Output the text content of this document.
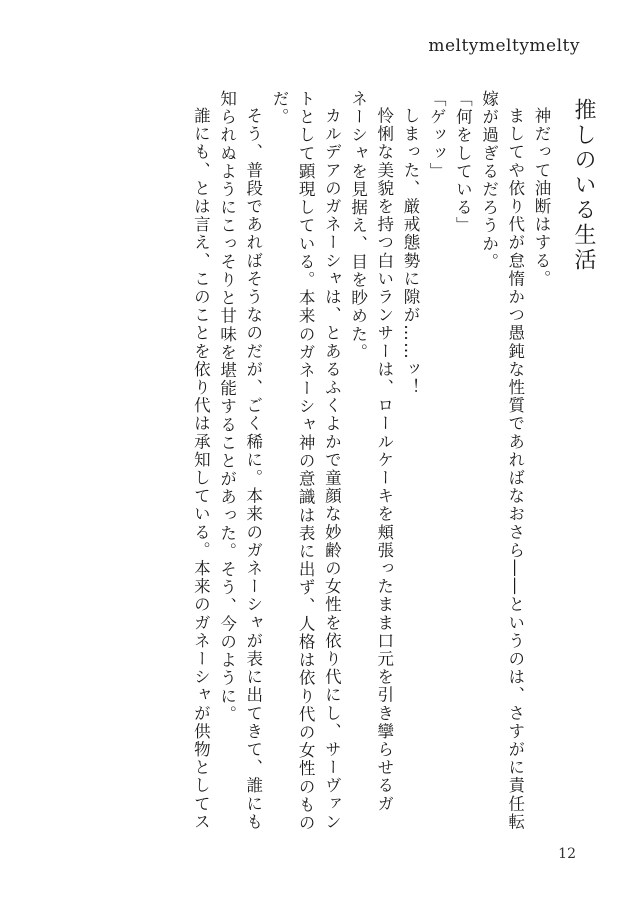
meltymeltymelty
推しのいる生活

神だって油断はする。

ましてや依り代が怠惰かつ愚鈍な性質であればなおさら――というのは、さすがに責任転

嫁が過ぎるだろうか。

「何をしている」

「ゲッッ」

しまった、厳戒態勢に隙が……ッ！

怜悧な美貌を持つ白いランサーは、ロールケーキを頬張ったまま口元を引き攣らせるガ

ネーシャを見据え、目を眇めた。

カルデアのガネーシャは、とあるふくよかで童顔な妙齢の女性を依り代にし、サーヴァン

トとして顕現している。本来のガネーシャ神の意識は表に出ず、人格は依り代の女性のもの

だ。

そう、普段であればそうなのだが、ごく稀に。本来のガネーシャが表に出てきて、誰にも

知られぬようにこっそりと甘味を堪能することがあった。そう、今のように。

誰にも、とは言え、このことを依り代は承知している。本来のガネーシャが供物としてス

12
